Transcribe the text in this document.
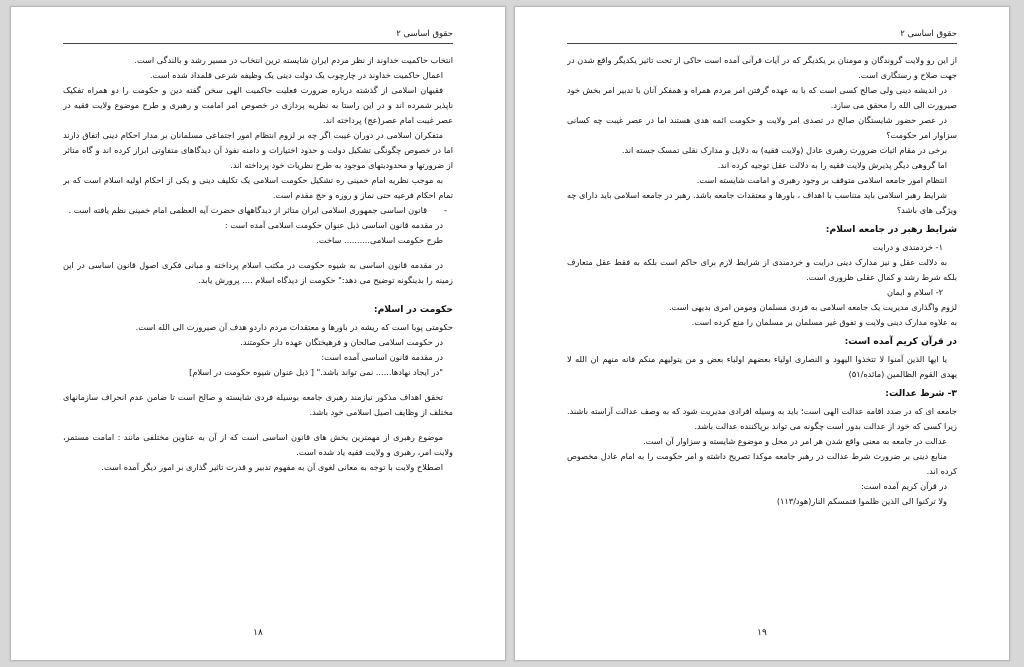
حقوق اساسی ۲

انتخاب حاکمیت خداوند از نظر مردم ایران شایسته ترین انتخاب در مسیر رشد و بالندگی است.

اعمال حاکمیت خداوند در چارچوب یک دولت دینی یک وظیفه شرعی قلمداد شده است.

فقیهان اسلامی از گذشته درباره ضرورت فعلیت حاکمیت الهی سخن گفته دین و حکومت را دو همراه تفکیک ناپذیر شمرده اند و در این راستا به نظریه پردازی در خصوص امر امامت و رهبری و طرح موضوع ولایت فقیه در عصر غیبت امام عصر(عج) پرداخته اند.

متفکران اسلامی در دوران غیبت اگر چه بر لزوم انتظام امور اجتماعی مسلمانان بر مدار احکام دینی اتفاق دارند اما در خصوص چگونگی تشکیل دولت و حدود اختیارات و دامنه نفوذ آن دیدگاهای متفاوتی ابراز کرده اند و گاه متاثر از ضرورتها و محدودیتهای موجود به طرح نظریات خود پرداخته اند.

به موجب نظریه امام خمینی ره تشکیل حکومت اسلامی یک تکلیف دینی و یکی از احکام اولیه اسلام است که بر تمام احکام فرعیه حتی نماز و روزه و حج مقدم است.

-
قانون اساسی جمهوری اسلامی ایران متاثر از دیدگاههای حضرت آیه العظمی امام خمینی نظم یافته است .

در مقدمه قانون اساسی ذیل عنوان حکومت اسلامی آمده است :

طرح حکومت اسلامی.......... ساخت.

در مقدمه قانون اساسی به شیوه حکومت در مکتب اسلام پرداخته و مبانی فکری اصول قانون اساسی در این زمینه را بدینگونه توضیح می دهد:" حکومت از دیدگاه اسلام .... پرورش یابد.

حکومت در اسلام:

حکومتی پویا است که ریشه در باورها و معتقدات مردم داردو هدف آن صیرورت الی الله است.

در حکومت اسلامی صالحان و فرهیختگان عهده دار حکومتند.

در مقدمه قانون اساسی آمده است:

"در ایجاد نهادها...... نمی تواند باشد." [ ذیل عنوان شیوه حکومت در اسلام]

تحقق اهداف مذکور نیازمند رهبری جامعه بوسیله فردی شایسته و صالح است تا ضامن عدم انحراف سازمانهای مختلف از وظایف اصیل اسلامی خود باشد.

موضوع رهبری از مهمترین بخش های قانون اساسی است که از آن به عناوین مختلفی مانند : امامت مستمر، ولایت امر، رهبری و ولایت فقیه یاد شده است.

اصطلاح ولایت با توجه به معانی لغوی آن به مفهوم تدبیر و قدرت تاثیر گذاری بر امور دیگر آمده است.

۱۸
حقوق اساسی ۲

از این رو ولایت گروندگان و مومنان بر یکدیگر که در آیات قرآنی آمده است حاکی از تحت تاثیر یکدیگر واقع شدن در جهت صلاح و رستگاری است.

در اندیشه دینی ولی صالح کسی است که با به عهده گرفتن امر مردم همراه و همفکر آنان با تدبیر امر بخش خود صیرورت الی الله را محقق می سازد.

در عصر حضور شایستگان صالح در تصدی امر ولایت و حکومت ائمه هدی هستند اما در عصر غیبت چه کسانی سزاوار امر حکومت؟

برخی در مقام اثبات ضرورت رهبری عادل (ولایت فقیه) به دلایل و مدارک نقلی تمسک جسته اند.

اما گروهی دیگر پذیرش ولایت فقیه را به دلالت عقل توجیه کرده اند.

انتظام امور جامعه اسلامی متوقف بر وجود رهبری و امامت شایسته است.

شرایط رهبر اسلامی باید متناسب با اهداف ، باورها و معتقدات جامعه باشد. رهبر در جامعه اسلامی باید دارای چه ویژگی های باشد؟

شرایط رهبر در جامعه اسلام:

۱- خردمندی و درایت

به دلالت عقل و نیز مدارک دینی درایت و خردمندی از شرایط لازم برای حاکم است بلکه به فقط عقل متعارف بلکه شرط رشد و کمال عقلی ظروری است.

۲- اسلام و ایمان

لزوم واگذاری مدیریت یک جامعه اسلامی به فردی مسلمان ومومن امری بدیهی است.

به علاوه مدارک دینی ولایت و تفوق غیر مسلمان بر مسلمان را منع کرده است.

در قرآن کریم آمده است:

یا ایها الذین آمنوا لا تتخذوا الیهود و النصاری اولیاء بعضهم اولیاء بعض و من یتولیهم منکم فانه منهم ان الله لا یهدی القوم الظالمین (مائده/۵۱)

۳- شرط عدالت:

جامعه ای که در صدد اقامه عدالت الهی است؛ باید به وسیله افرادی مدیریت شود که به وصف عدالت آراسته باشند. زیرا کسی که خود از عدالت بدور است چگونه می تواند برپاکننده عدالت باشد.

عدالت در جامعه به معنی واقع شدن هر امر در محل و موضوع شایسته و سزاوار آن است.

منابع دینی بر ضرورت شرط عدالت در رهبر جامعه موکدا تصریح داشته و امر حکومت را به امام عادل مخصوص کرده اند.

در قرآن کریم آمده است:

ولا ترکنوا الی الذین ظلموا فتمسکم النار(هود/۱۱۳)

۱۹
